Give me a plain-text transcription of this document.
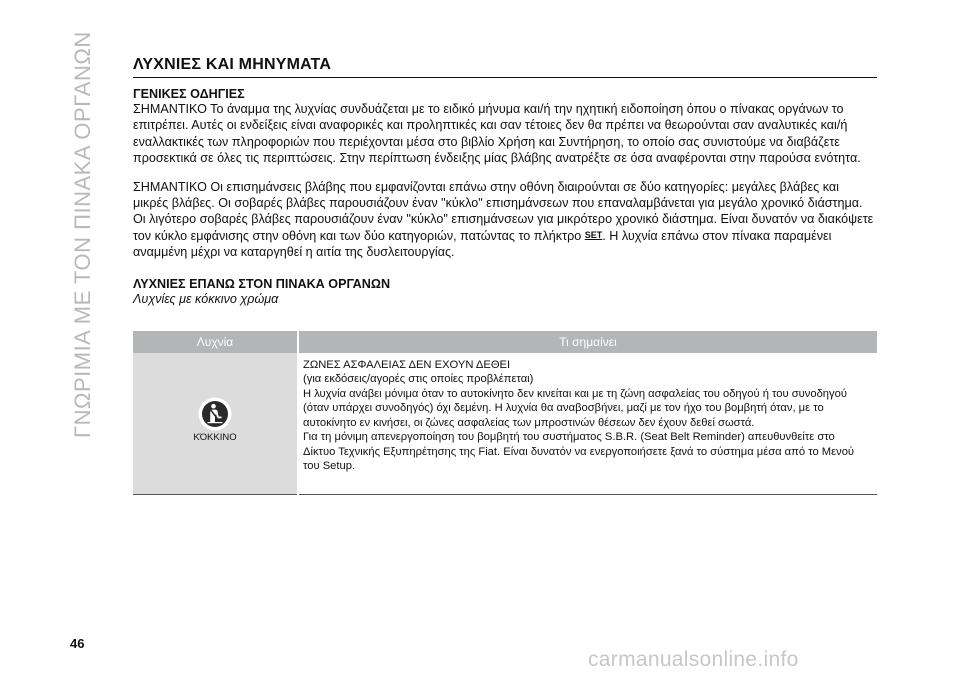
ΓΝΩΡΙΜΙΑ ΜΕ ΤΟΝ ΠΙΝΑΚΑ ΟΡΓΑΝΩΝ	ΛΥΧΝΙΕΣ ΚΑΙ ΜΗΝΥΜΑΤΑ
ΓΕΝΙΚΕΣ ΟΔΗΓΙΕΣ

ΣΗΜΑΝΤΙΚΟ Το άναμμα της λυχνίας συνδυάζεται με το ειδικό μήνυμα και/ή την ηχητική ειδοποίηση όπου ο πίνακας οργάνων το επιτρέπει. Αυτές οι ενδείξεις είναι αναφορικές και προληπτικές και σαν τέτοιες δεν θα πρέπει να θεωρούνται σαν αναλυτικές και/ή εναλλακτικές των πληροφοριών που περιέχονται μέσα στο βιβλίο Χρήση και Συντήρηση, το οποίο σας συνιστούμε να διαβάζετε προσεκτικά σε όλες τις περιπτώσεις. Στην περίπτωση ένδειξης μίας βλάβης ανατρέξτε σε όσα αναφέρονται στην παρούσα ενότητα.

ΣΗΜΑΝΤΙΚΟ Οι επισημάνσεις βλάβης που εμφανίζονται επάνω στην οθόνη διαιρούνται σε δύο κατηγορίες: μεγάλες βλάβες και μικρές βλάβες. Οι σοβαρές βλάβες παρουσιάζουν έναν "κύκλο" επισημάνσεων που επαναλαμβάνεται για μεγάλο χρονικό διάστημα. Οι λιγότερο σοβαρές βλάβες παρουσιάζουν έναν "κύκλο" επισημάνσεων για μικρότερο χρονικό διάστημα. Είναι δυνατόν να διακόψετε τον κύκλο εμφάνισης στην οθόνη και των δύο κατηγοριών, πατώντας το πλήκτρο SET. Η λυχνία επάνω στον πίνακα παραμένει αναμμένη μέχρι να καταργηθεί η αιτία της δυσλειτουργίας.

ΛΥΧΝΙΕΣ ΕΠΑΝΩ ΣΤΟΝ ΠΙΝΑΚΑ ΟΡΓΑΝΩΝ
Λυχνίες με κόκκινο χρώμα
Λυχνία	Τι σημαίνει

ΚΌΚΚΙΝΟ	ΖΩΝΕΣ ΑΣΦΑΛΕΙΑΣ ΔΕΝ ΕΧΟΥΝ ΔΕΘΕΙ
(για εκδόσεις/αγορές στις οποίες προβλέπεται)
Η λυχνία ανάβει μόνιμα όταν το αυτοκίνητο δεν κινείται και με τη ζώνη ασφαλείας του οδηγού ή του συνοδηγού (όταν υπάρχει συνοδηγός) όχι δεμένη. Η λυχνία θα αναβοσβήνει, μαζί με τον ήχο του βομβητή όταν, με το αυτοκίνητο εν κινήσει, οι ζώνες ασφαλείας των μπροστινών θέσεων δεν έχουν δεθεί σωστά.
Για τη μόνιμη απενεργοποίηση του βομβητή του συστήματος S.B.R. (Seat Belt Reminder) απευθυνθείτε στο Δίκτυο Τεχνικής Εξυπηρέτησης της Fiat. Είναι δυνατόν να ενεργοποιήσετε ξανά το σύστημα μέσα από το Μενού του Setup.
46
carmanualsonline.info
